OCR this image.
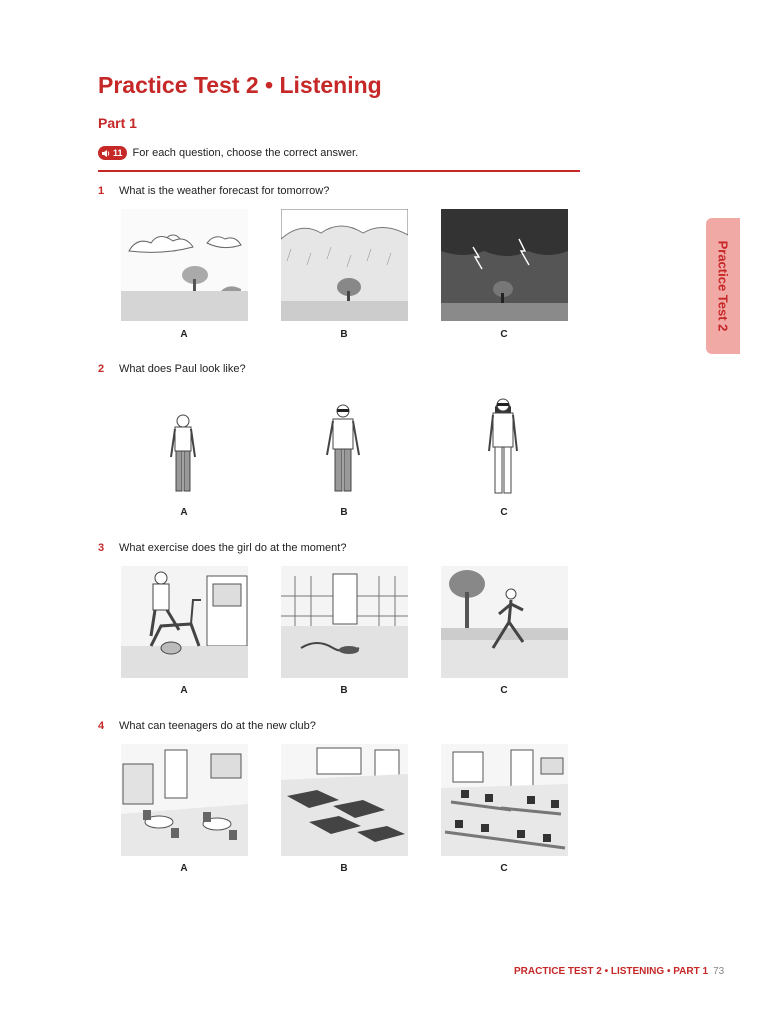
Practice Test 2 • Listening
Part 1
11 For each question, choose the correct answer.
Practice Test 2
1	What is the weather forecast for tomorrow?
A	B	C
2	What does Paul look like?
A	B	C
3	What exercise does the girl do at the moment?
A	B	C
4	What can teenagers do at the new club?
A	B	C
PRACTICE TEST 2 • LISTENING • PART 1 73
